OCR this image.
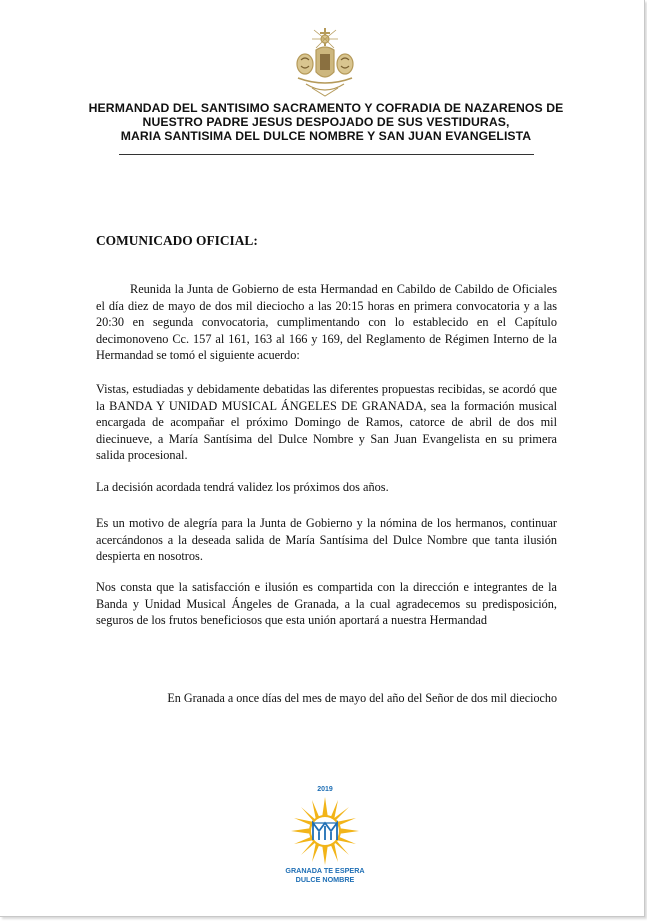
HERMANDAD DEL SANTISIMO SACRAMENTO Y COFRADIA DE NAZARENOS DE
NUESTRO PADRE JESUS DESPOJADO DE SUS VESTIDURAS,
MARIA SANTISIMA DEL DULCE NOMBRE Y SAN JUAN EVANGELISTA
COMUNICADO OFICIAL:
Reunida la Junta de Gobierno de esta Hermandad en Cabildo de Cabildo de Oficiales el día diez de mayo de dos mil dieciocho a las 20:15 horas en primera convocatoria y a las 20:30 en segunda convocatoria, cumplimentando con lo establecido en el Capítulo decimonoveno Cc. 157 al 161, 163 al 166 y 169, del Reglamento de Régimen Interno de la Hermandad se tomó el siguiente acuerdo:
Vistas, estudiadas y debidamente debatidas las diferentes propuestas recibidas, se acordó que la BANDA Y UNIDAD MUSICAL ÁNGELES DE GRANADA, sea la formación musical encargada de acompañar el próximo Domingo de Ramos, catorce de abril de dos mil diecinueve, a María Santísima del Dulce Nombre y San Juan Evangelista en su primera salida procesional.
La decisión acordada tendrá validez los próximos dos años.
Es un motivo de alegría para la Junta de Gobierno y la nómina de los hermanos, continuar acercándonos a la deseada salida de María Santísima del Dulce Nombre que tanta ilusión despierta en nosotros.
Nos consta que la satisfacción e ilusión es compartida con la dirección e integrantes de la Banda y Unidad Musical Ángeles de Granada, a la cual agradecemos su predisposición, seguros de los frutos beneficiosos que esta unión aportará a nuestra Hermandad
En Granada a once días del mes de mayo del año del Señor de dos mil dieciocho
2019
GRANADA TE ESPERA
DULCE NOMBRE
